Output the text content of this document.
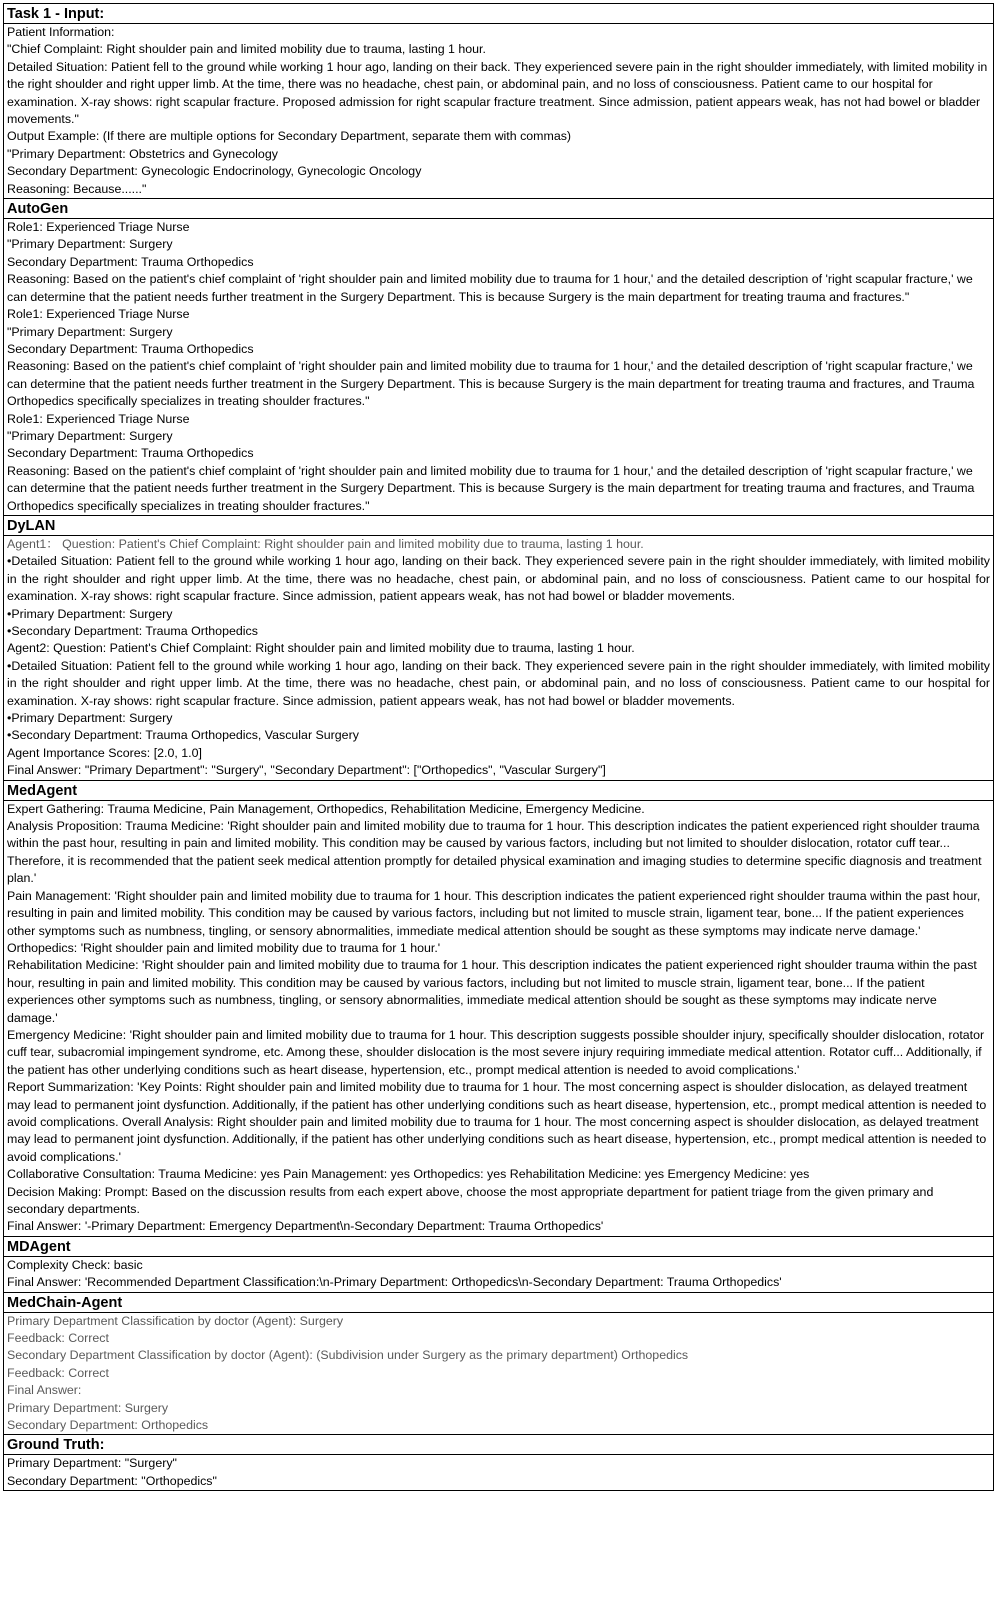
Task 1 - Input:

Patient Information:

"Chief Complaint: Right shoulder pain and limited mobility due to trauma, lasting 1 hour.

Detailed Situation: Patient fell to the ground while working 1 hour ago, landing on their back. They experienced severe pain in the right shoulder immediately, with limited mobility in the right shoulder and right upper limb. At the time, there was no headache, chest pain, or abdominal pain, and no loss of consciousness. Patient came to our hospital for examination. X-ray shows: right scapular fracture. Proposed admission for right scapular fracture treatment. Since admission, patient appears weak, has not had bowel or bladder movements."

Output Example: (If there are multiple options for Secondary Department, separate them with commas)

"Primary Department: Obstetrics and Gynecology

Secondary Department: Gynecologic Endocrinology, Gynecologic Oncology

Reasoning: Because......"

AutoGen

Role1: Experienced Triage Nurse

"Primary Department: Surgery

Secondary Department: Trauma Orthopedics

Reasoning: Based on the patient's chief complaint of 'right shoulder pain and limited mobility due to trauma for 1 hour,' and the detailed description of 'right scapular fracture,' we can determine that the patient needs further treatment in the Surgery Department. This is because Surgery is the main department for treating trauma and fractures."

Role1: Experienced Triage Nurse

"Primary Department: Surgery

Secondary Department: Trauma Orthopedics

Reasoning: Based on the patient's chief complaint of 'right shoulder pain and limited mobility due to trauma for 1 hour,' and the detailed description of 'right scapular fracture,' we can determine that the patient needs further treatment in the Surgery Department. This is because Surgery is the main department for treating trauma and fractures, and Trauma Orthopedics specifically specializes in treating shoulder fractures."

Role1: Experienced Triage Nurse

"Primary Department: Surgery

Secondary Department: Trauma Orthopedics

Reasoning: Based on the patient's chief complaint of 'right shoulder pain and limited mobility due to trauma for 1 hour,' and the detailed description of 'right scapular fracture,' we can determine that the patient needs further treatment in the Surgery Department. This is because Surgery is the main department for treating trauma and fractures, and Trauma Orthopedics specifically specializes in treating shoulder fractures."

DyLAN

Agent1： Question: Patient's Chief Complaint: Right shoulder pain and limited mobility due to trauma, lasting 1 hour.

•Detailed Situation: Patient fell to the ground while working 1 hour ago, landing on their back. They experienced severe pain in the right shoulder immediately, with limited mobility in the right shoulder and right upper limb. At the time, there was no headache, chest pain, or abdominal pain, and no loss of consciousness. Patient came to our hospital for examination. X-ray shows: right scapular fracture. Since admission, patient appears weak, has not had bowel or bladder movements.

•Primary Department: Surgery

•Secondary Department: Trauma Orthopedics

Agent2: Question: Patient's Chief Complaint: Right shoulder pain and limited mobility due to trauma, lasting 1 hour.

•Detailed Situation: Patient fell to the ground while working 1 hour ago, landing on their back. They experienced severe pain in the right shoulder immediately, with limited mobility in the right shoulder and right upper limb. At the time, there was no headache, chest pain, or abdominal pain, and no loss of consciousness. Patient came to our hospital for examination. X-ray shows: right scapular fracture. Since admission, patient appears weak, has not had bowel or bladder movements.

•Primary Department: Surgery

•Secondary Department: Trauma Orthopedics, Vascular Surgery

Agent Importance Scores: [2.0, 1.0]

Final Answer: "Primary Department": "Surgery", "Secondary Department": ["Orthopedics", "Vascular Surgery"]

MedAgent

Expert Gathering: Trauma Medicine, Pain Management, Orthopedics, Rehabilitation Medicine, Emergency Medicine.

Analysis Proposition: Trauma Medicine: 'Right shoulder pain and limited mobility due to trauma for 1 hour. This description indicates the patient experienced right shoulder trauma within the past hour, resulting in pain and limited mobility. This condition may be caused by various factors, including but not limited to shoulder dislocation, rotator cuff tear... Therefore, it is recommended that the patient seek medical attention promptly for detailed physical examination and imaging studies to determine specific diagnosis and treatment plan.'

Pain Management: 'Right shoulder pain and limited mobility due to trauma for 1 hour. This description indicates the patient experienced right shoulder trauma within the past hour, resulting in pain and limited mobility. This condition may be caused by various factors, including but not limited to muscle strain, ligament tear, bone... If the patient experiences other symptoms such as numbness, tingling, or sensory abnormalities, immediate medical attention should be sought as these symptoms may indicate nerve damage.'

Orthopedics: 'Right shoulder pain and limited mobility due to trauma for 1 hour.'

Rehabilitation Medicine: 'Right shoulder pain and limited mobility due to trauma for 1 hour. This description indicates the patient experienced right shoulder trauma within the past hour, resulting in pain and limited mobility. This condition may be caused by various factors, including but not limited to muscle strain, ligament tear, bone... If the patient experiences other symptoms such as numbness, tingling, or sensory abnormalities, immediate medical attention should be sought as these symptoms may indicate nerve damage.'

Emergency Medicine: 'Right shoulder pain and limited mobility due to trauma for 1 hour. This description suggests possible shoulder injury, specifically shoulder dislocation, rotator cuff tear, subacromial impingement syndrome, etc. Among these, shoulder dislocation is the most severe injury requiring immediate medical attention. Rotator cuff... Additionally, if the patient has other underlying conditions such as heart disease, hypertension, etc., prompt medical attention is needed to avoid complications.'

Report Summarization: 'Key Points: Right shoulder pain and limited mobility due to trauma for 1 hour. The most concerning aspect is shoulder dislocation, as delayed treatment may lead to permanent joint dysfunction. Additionally, if the patient has other underlying conditions such as heart disease, hypertension, etc., prompt medical attention is needed to avoid complications. Overall Analysis: Right shoulder pain and limited mobility due to trauma for 1 hour. The most concerning aspect is shoulder dislocation, as delayed treatment may lead to permanent joint dysfunction. Additionally, if the patient has other underlying conditions such as heart disease, hypertension, etc., prompt medical attention is needed to avoid complications.'

Collaborative Consultation: Trauma Medicine: yes Pain Management: yes Orthopedics: yes Rehabilitation Medicine: yes Emergency Medicine: yes

Decision Making: Prompt: Based on the discussion results from each expert above, choose the most appropriate department for patient triage from the given primary and secondary departments.

Final Answer: '-Primary Department: Emergency Department\n-Secondary Department: Trauma Orthopedics'

MDAgent

Complexity Check: basic

Final Answer: 'Recommended Department Classification:\n-Primary Department: Orthopedics\n-Secondary Department: Trauma Orthopedics'

MedChain-Agent

Primary Department Classification by doctor (Agent): Surgery

Feedback: Correct

Secondary Department Classification by doctor (Agent): (Subdivision under Surgery as the primary department) Orthopedics

Feedback: Correct

Final Answer:

Primary Department: Surgery

Secondary Department: Orthopedics

Ground Truth:

Primary Department: "Surgery"

Secondary Department: "Orthopedics"
